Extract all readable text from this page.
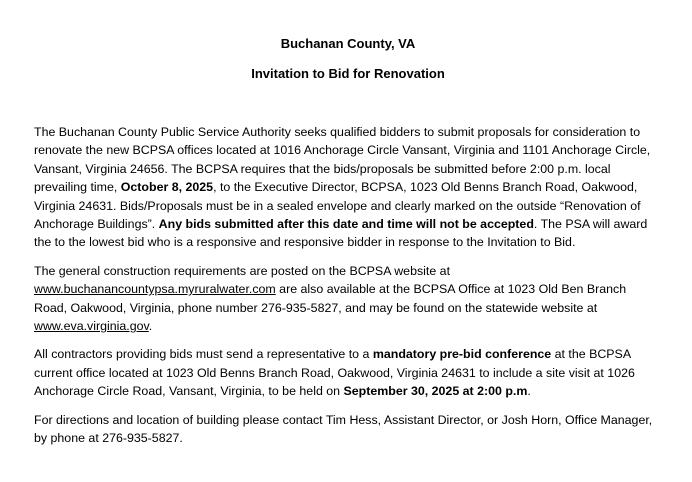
Buchanan County, VA

Invitation to Bid for Renovation

The Buchanan County Public Service Authority seeks qualified bidders to submit proposals for consideration to renovate the new BCPSA offices located at 1016 Anchorage Circle Vansant, Virginia and 1101 Anchorage Circle, Vansant, Virginia 24656. The BCPSA requires that the bids/proposals be submitted before 2:00 p.m. local prevailing time, October 8, 2025, to the Executive Director, BCPSA, 1023 Old Benns Branch Road, Oakwood, Virginia 24631. Bids/Proposals must be in a sealed envelope and clearly marked on the outside “Renovation of Anchorage Buildings”. Any bids submitted after this date and time will not be accepted. The PSA will award the to the lowest bid who is a responsive and responsive bidder in response to the Invitation to Bid.

The general construction requirements are posted on the BCPSA website at www.buchanancountypsa.myruralwater.com are also available at the BCPSA Office at 1023 Old Ben Branch Road, Oakwood, Virginia, phone number 276-935-5827, and may be found on the statewide website at www.eva.virginia.gov.

All contractors providing bids must send a representative to a mandatory pre-bid conference at the BCPSA current office located at 1023 Old Benns Branch Road, Oakwood, Virginia 24631 to include a site visit at 1026 Anchorage Circle Road, Vansant, Virginia, to be held on September 30, 2025 at 2:00 p.m.

For directions and location of building please contact Tim Hess, Assistant Director, or Josh Horn, Office Manager, by phone at 276-935-5827.
